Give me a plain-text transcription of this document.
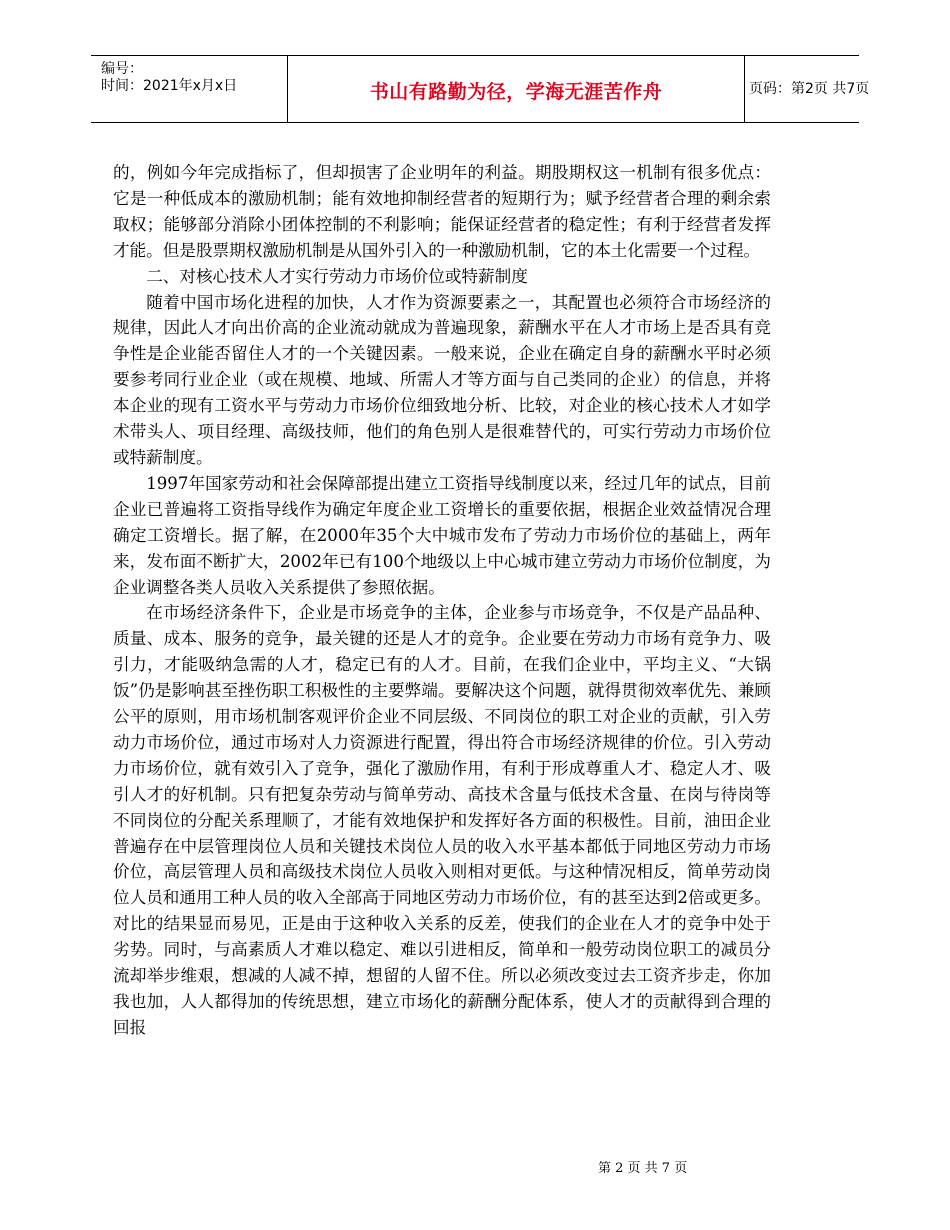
编号：
时间：2021年x月x日	书山有路勤为径，学海无涯苦作舟	页码：第2页 共7页

的，例如今年完成指标了，但却损害了企业明年的利益。期股期权这一机制有很多优点：它是一种低成本的激励机制；能有效地抑制经营者的短期行为；赋予经营者合理的剩余索取权；能够部分消除小团体控制的不利影响；能保证经营者的稳定性；有利于经营者发挥才能。但是股票期权激励机制是从国外引入的一种激励机制，它的本土化需要一个过程。

二、对核心技术人才实行劳动力市场价位或特薪制度

随着中国市场化进程的加快，人才作为资源要素之一，其配置也必须符合市场经济的规律，因此人才向出价高的企业流动就成为普遍现象，薪酬水平在人才市场上是否具有竞争性是企业能否留住人才的一个关键因素。一般来说，企业在确定自身的薪酬水平时必须要参考同行业企业（或在规模、地域、所需人才等方面与自己类同的企业）的信息，并将本企业的现有工资水平与劳动力市场价位细致地分析、比较，对企业的核心技术人才如学术带头人、项目经理、高级技师，他们的角色别人是很难替代的，可实行劳动力市场价位或特薪制度。

1997年国家劳动和社会保障部提出建立工资指导线制度以来，经过几年的试点，目前企业已普遍将工资指导线作为确定年度企业工资增长的重要依据，根据企业效益情况合理确定工资增长。据了解，在2000年35个大中城市发布了劳动力市场价位的基础上，两年来，发布面不断扩大，2002年已有100个地级以上中心城市建立劳动力市场价位制度，为企业调整各类人员收入关系提供了参照依据。

在市场经济条件下，企业是市场竞争的主体，企业参与市场竞争，不仅是产品品种、质量、成本、服务的竞争，最关键的还是人才的竞争。企业要在劳动力市场有竞争力、吸引力，才能吸纳急需的人才，稳定已有的人才。目前，在我们企业中，平均主义、“大锅饭”仍是影响甚至挫伤职工积极性的主要弊端。要解决这个问题，就得贯彻效率优先、兼顾公平的原则，用市场机制客观评价企业不同层级、不同岗位的职工对企业的贡献，引入劳动力市场价位，通过市场对人力资源进行配置，得出符合市场经济规律的价位。引入劳动力市场价位，就有效引入了竞争，强化了激励作用，有利于形成尊重人才、稳定人才、吸引人才的好机制。只有把复杂劳动与简单劳动、高技术含量与低技术含量、在岗与待岗等不同岗位的分配关系理顺了，才能有效地保护和发挥好各方面的积极性。目前，油田企业普遍存在中层管理岗位人员和关键技术岗位人员的收入水平基本都低于同地区劳动力市场价位，高层管理人员和高级技术岗位人员收入则相对更低。与这种情况相反，简单劳动岗位人员和通用工种人员的收入全部高于同地区劳动力市场价位，有的甚至达到2倍或更多。对比的结果显而易见，正是由于这种收入关系的反差，使我们的企业在人才的竞争中处于劣势。同时，与高素质人才难以稳定、难以引进相反，简单和一般劳动岗位职工的减员分流却举步维艰，想减的人减不掉，想留的人留不住。所以必须改变过去工资齐步走，你加我也加，人人都得加的传统思想，建立市场化的薪酬分配体系，使人才的贡献得到合理的回报

第 2 页 共 7 页
